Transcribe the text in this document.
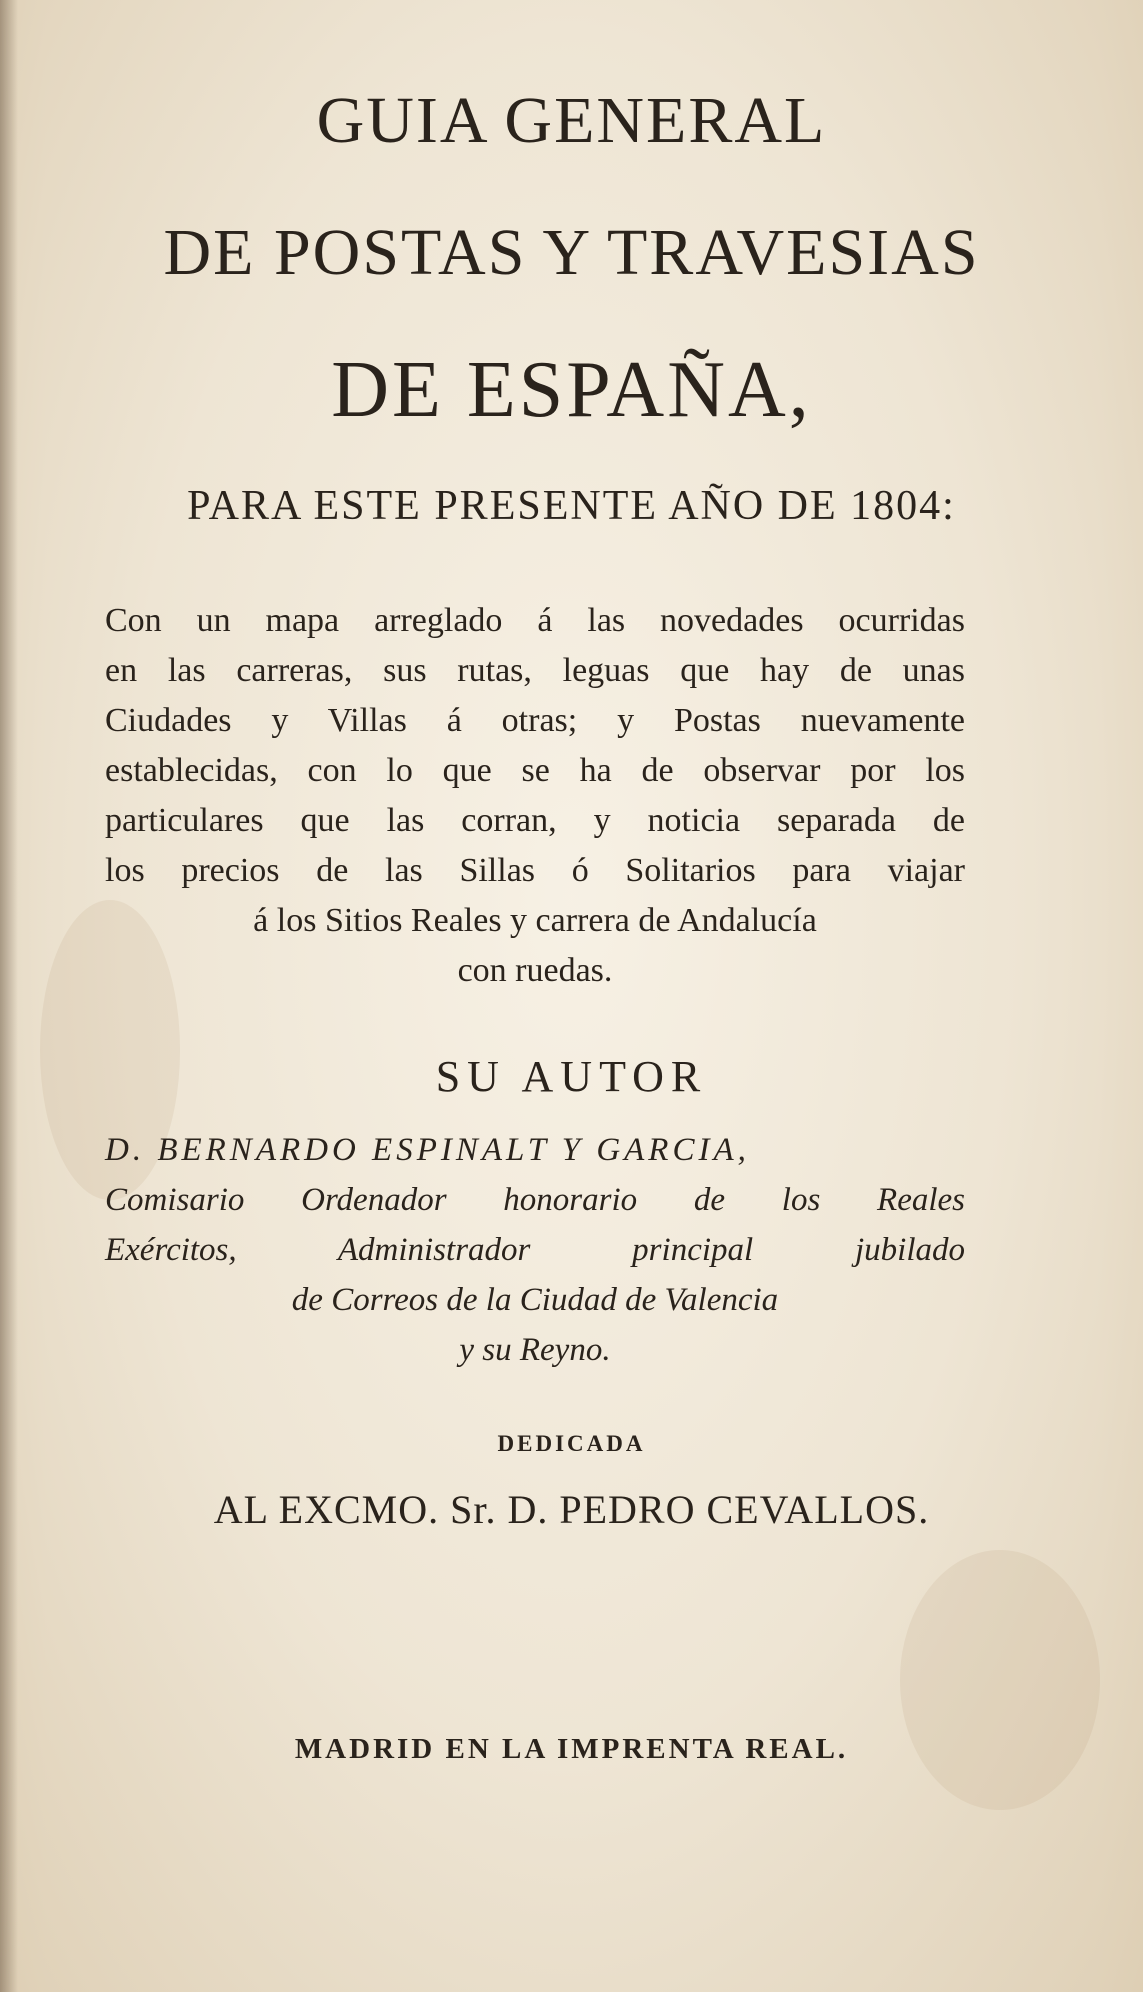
GUIA GENERAL
DE POSTAS Y TRAVESIAS
DE ESPAÑA,
PARA ESTE PRESENTE AÑO DE 1804:
Con un mapa arreglado á las novedades ocurridas
en las carreras, sus rutas, leguas que hay de unas
Ciudades y Villas á otras; y Postas nuevamente
establecidas, con lo que se ha de observar por los
particulares que las corran, y noticia separada de
los precios de las Sillas ó Solitarios para viajar
á los Sitios Reales y carrera de Andalucía
con ruedas.
SU AUTOR
D. BERNARDO ESPINALT Y GARCIA,
Comisario Ordenador honorario de los Reales
Exércitos, Administrador principal jubilado
de Correos de la Ciudad de Valencia
y su Reyno.
DEDICADA
AL EXCMO. Sr. D. PEDRO CEVALLOS.
MADRID EN LA IMPRENTA REAL.
